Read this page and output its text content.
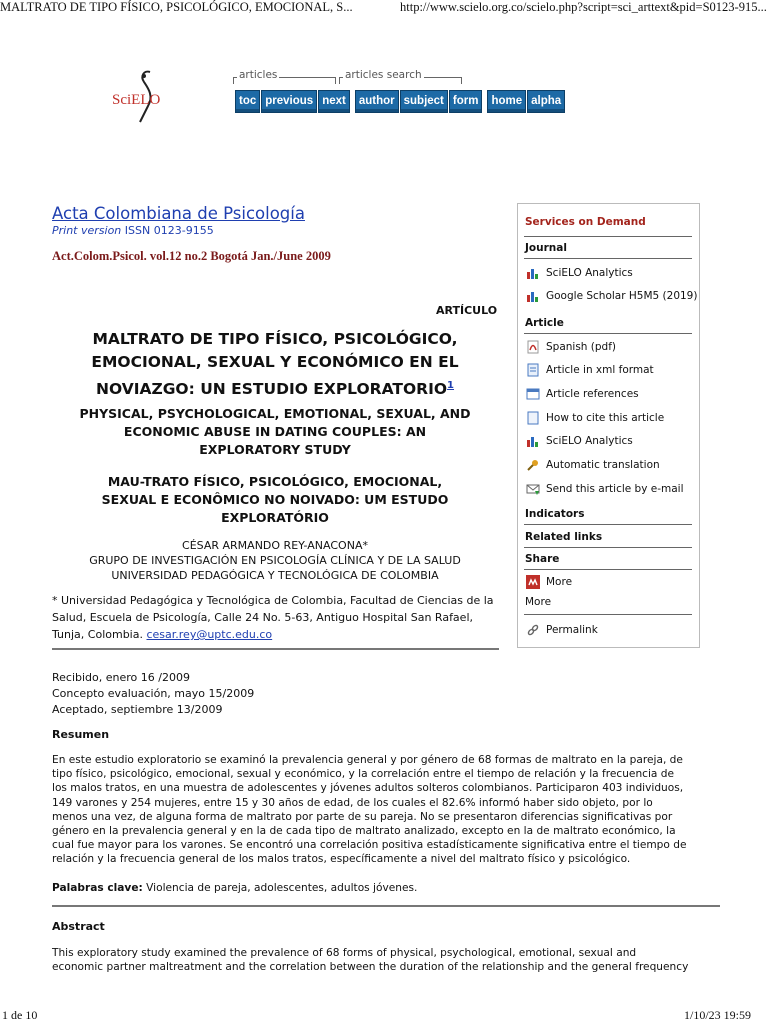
MALTRATO DE TIPO FÍSICO, PSICOLÓGICO, EMOCIONAL, S...	http://www.scielo.org.co/scielo.php?script=sci_arttext&pid=S0123-915...
SciELO
articles	articles search
toc previous next author subject form home alpha
Acta Colombiana de Psicología
Print version ISSN 0123-9155
Act.Colom.Psicol. vol.12 no.2 Bogotá Jan./June 2009
ARTÍCULO
MALTRATO DE TIPO FÍSICO, PSICOLÓGICO,
EMOCIONAL, SEXUAL Y ECONÓMICO EN EL
NOVIAZGO: UN ESTUDIO EXPLORATORIO$^1$
PHYSICAL, PSYCHOLOGICAL, EMOTIONAL, SEXUAL, AND
ECONOMIC ABUSE IN DATING COUPLES: AN
EXPLORATORY STUDY
MAU-TRATO FÍSICO, PSICOLÓGICO, EMOCIONAL,
SEXUAL E ECONÔMICO NO NOIVADO: UM ESTUDO
EXPLORATÓRIO
CÉSAR ARMANDO REY-ANACONA*
GRUPO DE INVESTIGACIÓN EN PSICOLOGÍA CLÍNICA Y DE LA SALUD
UNIVERSIDAD PEDAGÓGICA Y TECNOLÓGICA DE COLOMBIA
* Universidad Pedagógica y Tecnológica de Colombia, Facultad de Ciencias de la
Salud, Escuela de Psicología, Calle 24 No. 5-63, Antiguo Hospital San Rafael,
Tunja, Colombia. cesar.rey@uptc.edu.co
Recibido, enero 16 /2009
Concepto evaluación, mayo 15/2009
Aceptado, septiembre 13/2009
Resumen
En este estudio exploratorio se examinó la prevalencia general y por género de 68 formas de maltrato en la pareja, de
tipo físico, psicológico, emocional, sexual y económico, y la correlación entre el tiempo de relación y la frecuencia de
los malos tratos, en una muestra de adolescentes y jóvenes adultos solteros colombianos. Participaron 403 individuos,
149 varones y 254 mujeres, entre 15 y 30 años de edad, de los cuales el 82.6% informó haber sido objeto, por lo
menos una vez, de alguna forma de maltrato por parte de su pareja. No se presentaron diferencias significativas por
género en la prevalencia general y en la de cada tipo de maltrato analizado, excepto en la de maltrato económico, la
cual fue mayor para los varones. Se encontró una correlación positiva estadísticamente significativa entre el tiempo de
relación y la frecuencia general de los malos tratos, específicamente a nivel del maltrato físico y psicológico.
Palabras clave: Violencia de pareja, adolescentes, adultos jóvenes.
Abstract
This exploratory study examined the prevalence of 68 forms of physical, psychological, emotional, sexual and
economic partner maltreatment and the correlation between the duration of the relationship and the general frequency
Services on Demand
Journal
SciELO Analytics
Google Scholar H5M5 (2019)
Article
Spanish (pdf)
Article in xml format
Article references
How to cite this article
SciELO Analytics
Automatic translation
Send this article by e-mail
Indicators
Related links
Share
More
More
Permalink
1 de 10	1/10/23 19:59
